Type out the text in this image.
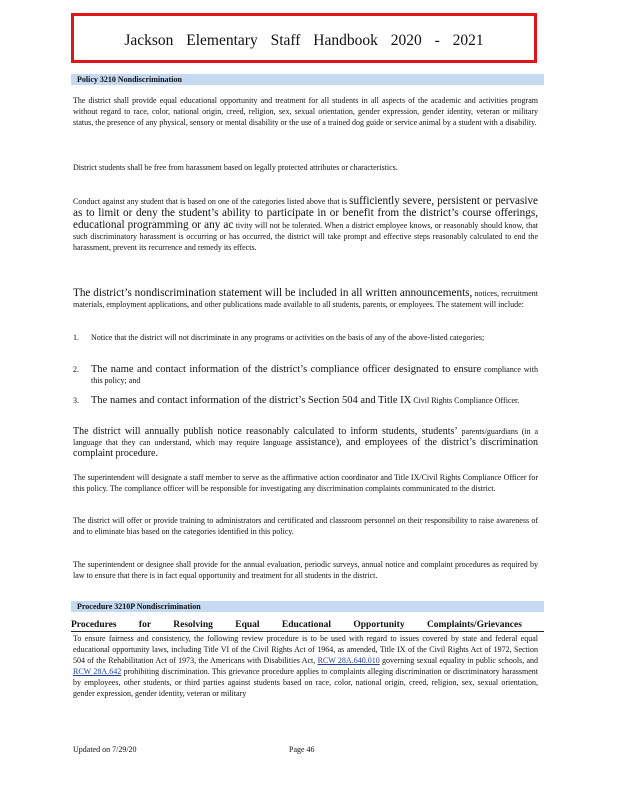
Jackson Elementary Staff Handbook 2020 - 2021
Policy 3210 Nondiscrimination
The district shall provide equal educational opportunity and treatment for all students in all aspects of the academic and activities program without regard to race, color, national origin, creed, religion, sex, sexual orientation, gender expression, gender identity, veteran or military status, the presence of any physical, sensory or mental disability or the use of a trained dog guide or service animal by a student with a disability.
District students shall be free from harassment based on legally protected attributes or characteristics.
Conduct against any student that is based on one of the categories listed above that is sufficiently severe, persistent or pervasive as to limit or deny the student’s ability to participate in or benefit from the district’s course offerings, educational programming or any ac tivity will not be tolerated. When a district employee knows, or reasonably should know, that such discriminatory harassment is occurring or has occurred, the district will take prompt and effective steps reasonably calculated to end the harassment, prevent its recurrence and remedy its effects.
The district’s nondiscrimination statement will be included in all written announcements, notices, recruitment materials, employment applications, and other publications made available to all students, parents, or employees. The statement will include:
1. Notice that the district will not discriminate in any programs or activities on the basis of any of the above-listed categories;
2. The name and contact information of the district’s compliance officer designated to ensure compliance with this policy; and
3. The names and contact information of the district’s Section 504 and Title IX Civil Rights Compliance Officer.
The district will annually publish notice reasonably calculated to inform students, students’ parents/guardians (in a language that they can understand, which may require language assistance), and employees of the district’s discrimination complaint procedure.
The superintendent will designate a staff member to serve as the affirmative action coordinator and Title IX/Civil Rights Compliance Officer for this policy. The compliance officer will be responsible for investigating any discrimination complaints communicated to the district.
The district will offer or provide training to administrators and certificated and classroom personnel on their responsibility to raise awareness of and to eliminate bias based on the categories identified in this policy.
The superintendent or designee shall provide for the annual evaluation, periodic surveys, annual notice and complaint procedures as required by law to ensure that there is in fact equal opportunity and treatment for all students in the district.
Procedure 3210P Nondiscrimination
Procedures for Resolving Equal Educational Opportunity Complaints/Grievances
To ensure fairness and consistency, the following review procedure is to be used with regard to issues covered by state and federal equal educational opportunity laws, including Title VI of the Civil Rights Act of 1964, as amended, Title IX of the Civil Rights Act of 1972, Section 504 of the Rehabilitation Act of 1973, the Americans with Disabilities Act, RCW 28A.640.010 governing sexual equality in public schools, and RCW 28A.642 prohibiting discrimination. This grievance procedure applies to complaints alleging discrimination or discriminatory harassment by employees, other students, or third parties against students based on race, color, national origin, creed, religion, sex, sexual orientation, gender expression, gender identity, veteran or military
Updated on 7/29/20	Page 46
